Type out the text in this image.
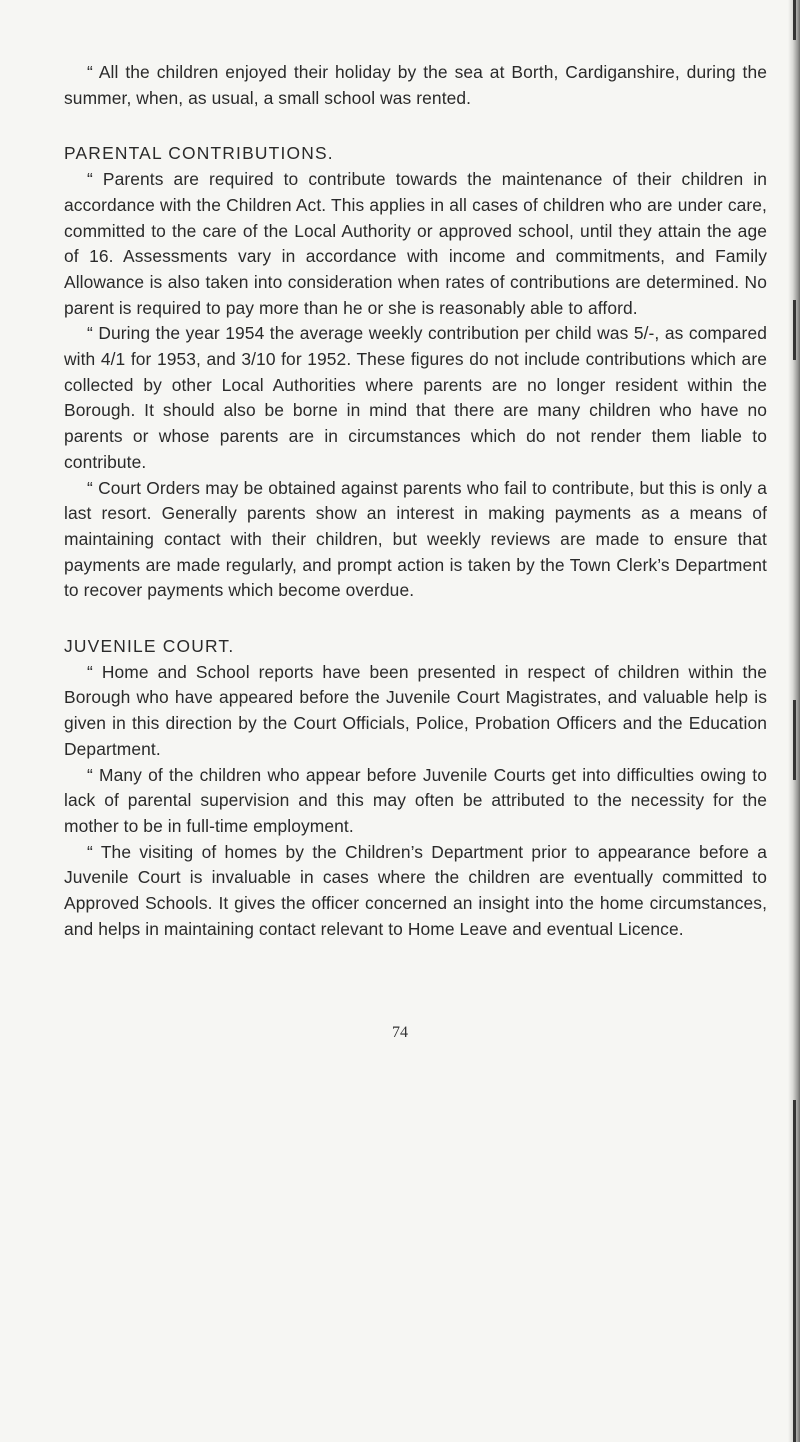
“ All the children enjoyed their holiday by the sea at Borth, Cardiganshire, during the summer, when, as usual, a small school was rented.

PARENTAL CONTRIBUTIONS.

“ Parents are required to contribute towards the maintenance of their children in accordance with the Children Act. This applies in all cases of children who are under care, committed to the care of the Local Authority or approved school, until they attain the age of 16. Assessments vary in accordance with income and commitments, and Family Allowance is also taken into consideration when rates of contributions are determined. No parent is required to pay more than he or she is reasonably able to afford.

“ During the year 1954 the average weekly contribution per child was 5/-, as compared with 4/1 for 1953, and 3/10 for 1952. These figures do not include contributions which are collected by other Local Authorities where parents are no longer resident within the Borough. It should also be borne in mind that there are many children who have no parents or whose parents are in circumstances which do not render them liable to contribute.

“ Court Orders may be obtained against parents who fail to contribute, but this is only a last resort. Generally parents show an interest in making payments as a means of maintaining contact with their children, but weekly reviews are made to ensure that payments are made regularly, and prompt action is taken by the Town Clerk’s Department to recover payments which become overdue.

JUVENILE COURT.

“ Home and School reports have been presented in respect of children within the Borough who have appeared before the Juvenile Court Magistrates, and valuable help is given in this direction by the Court Officials, Police, Probation Officers and the Education Department.

“ Many of the children who appear before Juvenile Courts get into difficulties owing to lack of parental supervision and this may often be attributed to the necessity for the mother to be in full-time employment.

“ The visiting of homes by the Children’s Department prior to appearance before a Juvenile Court is invaluable in cases where the children are eventually committed to Approved Schools. It gives the officer concerned an insight into the home circumstances, and helps in maintaining contact relevant to Home Leave and eventual Licence.

74
